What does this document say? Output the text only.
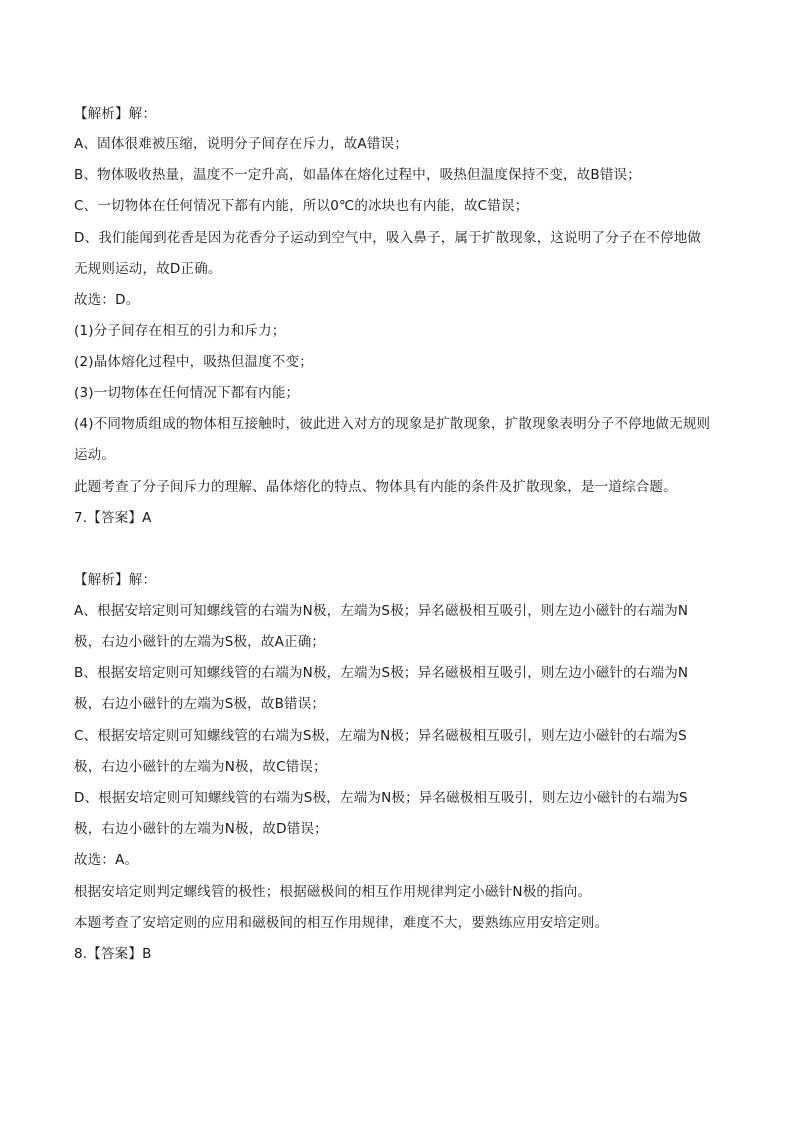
【解析】解：
A、固体很难被压缩，说明分子间存在斥力，故A错误；
B、物体吸收热量，温度不一定升高，如晶体在熔化过程中，吸热但温度保持不变，故B错误；
C、一切物体在任何情况下都有内能，所以0℃的冰块也有内能，故C错误；
D、我们能闻到花香是因为花香分子运动到空气中，吸入鼻子，属于扩散现象，这说明了分子在不停地做
无规则运动，故D正确。
故选：D。
(1)分子间存在相互的引力和斥力；
(2)晶体熔化过程中，吸热但温度不变；
(3)一切物体在任何情况下都有内能；
(4)不同物质组成的物体相互接触时，彼此进入对方的现象是扩散现象，扩散现象表明分子不停地做无规则
运动。
此题考查了分子间斥力的理解、晶体熔化的特点、物体具有内能的条件及扩散现象，是一道综合题。
7.【答案】A
【解析】解：
A、根据安培定则可知螺线管的右端为N极，左端为S极；异名磁极相互吸引，则左边小磁针的右端为N
极，右边小磁针的左端为S极，故A正确；
B、根据安培定则可知螺线管的右端为N极，左端为S极；异名磁极相互吸引，则左边小磁针的右端为N
极，右边小磁针的左端为S极，故B错误；
C、根据安培定则可知螺线管的右端为S极，左端为N极；异名磁极相互吸引，则左边小磁针的右端为S
极，右边小磁针的左端为N极，故C错误；
D、根据安培定则可知螺线管的右端为S极，左端为N极；异名磁极相互吸引，则左边小磁针的右端为S
极，右边小磁针的左端为N极，故D错误；
故选：A。
根据安培定则判定螺线管的极性；根据磁极间的相互作用规律判定小磁针N极的指向。
本题考查了安培定则的应用和磁极间的相互作用规律，难度不大，要熟练应用安培定则。
8.【答案】B
